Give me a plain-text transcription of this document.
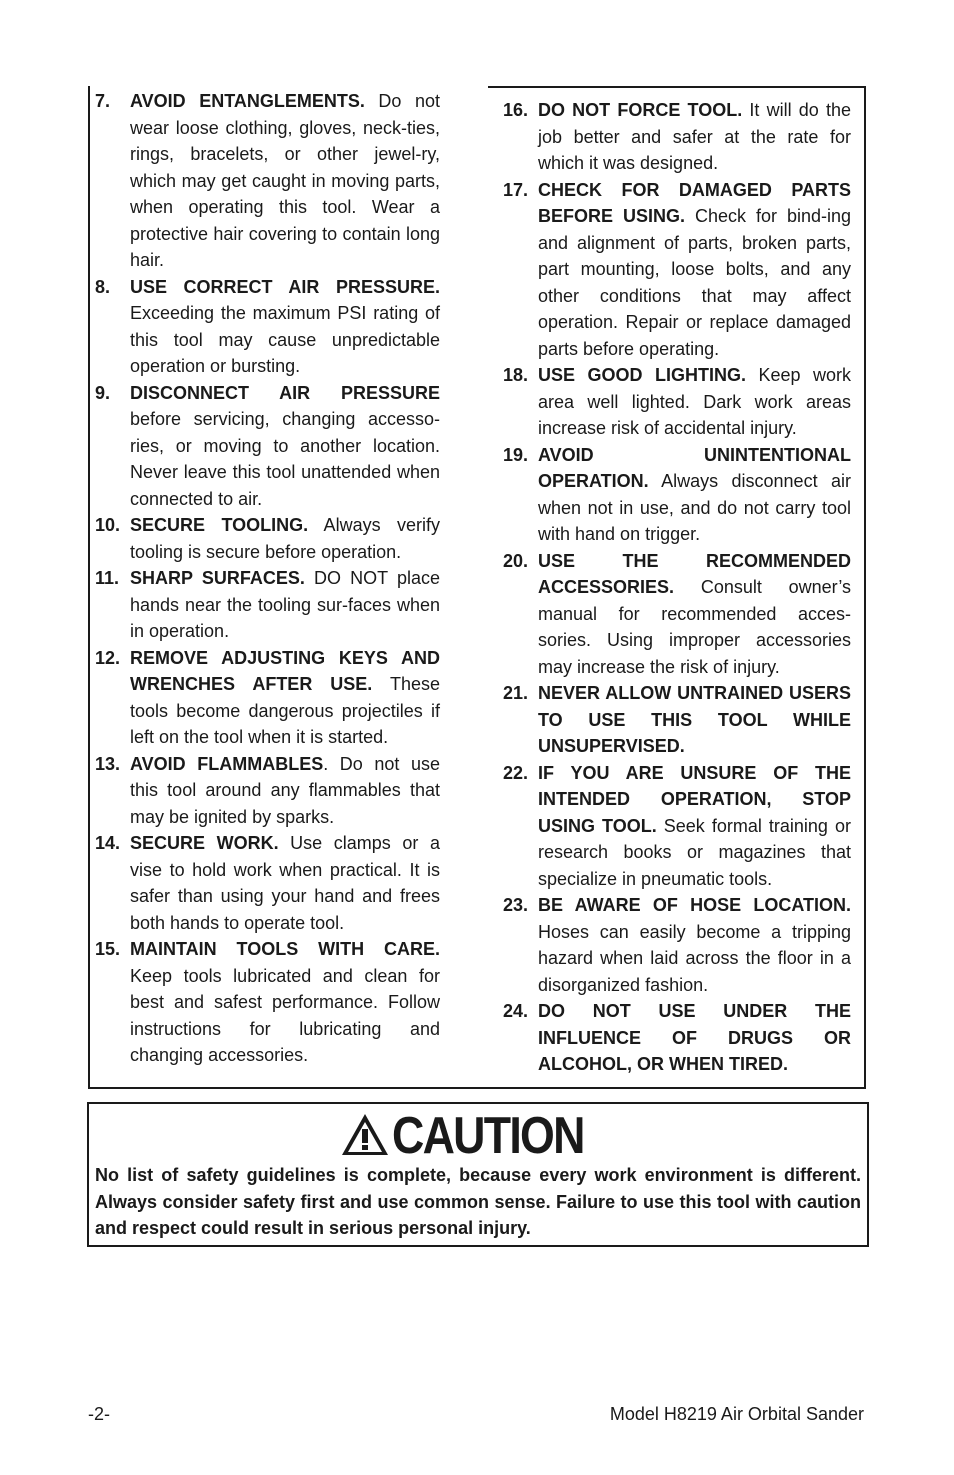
7. AVOID ENTANGLEMENTS. Do not wear loose clothing, gloves, neck-ties, rings, bracelets, or other jewel-ry, which may get caught in moving parts, when operating this tool. Wear a protective hair covering to contain long hair.

8. USE CORRECT AIR PRESSURE. Exceeding the maximum PSI rating of this tool may cause unpredictable operation or bursting.

9. DISCONNECT AIR PRESSURE before servicing, changing accesso-ries, or moving to another location. Never leave this tool unattended when connected to air.

10. SECURE TOOLING. Always verify tooling is secure before operation.

11. SHARP SURFACES. DO NOT place hands near the tooling sur-faces when in operation.

12. REMOVE ADJUSTING KEYS AND WRENCHES AFTER USE. These tools become dangerous projectiles if left on the tool when it is started.

13. AVOID FLAMMABLES. Do not use this tool around any flammables that may be ignited by sparks.

14. SECURE WORK. Use clamps or a vise to hold work when practical. It is safer than using your hand and frees both hands to operate tool.

15. MAINTAIN TOOLS WITH CARE. Keep tools lubricated and clean for best and safest performance. Follow instructions for lubricating and changing accessories.

16. DO NOT FORCE TOOL. It will do the job better and safer at the rate for which it was designed.

17. CHECK FOR DAMAGED PARTS BEFORE USING. Check for bind-ing and alignment of parts, broken parts, part mounting, loose bolts, and any other conditions that may affect operation. Repair or replace damaged parts before operating.

18. USE GOOD LIGHTING. Keep work area well lighted. Dark work areas increase risk of accidental injury.

19. AVOID UNINTENTIONAL OPERATION. Always disconnect air when not in use, and do not carry tool with hand on trigger.

20. USE THE RECOMMENDED ACCESSORIES. Consult owner’s manual for recommended acces-sories. Using improper accessories may increase the risk of injury.

21. NEVER ALLOW UNTRAINED USERS TO USE THIS TOOL WHILE UNSUPERVISED.

22. IF YOU ARE UNSURE OF THE INTENDED OPERATION, STOP USING TOOL. Seek formal training or research books or magazines that specialize in pneumatic tools.

23. BE AWARE OF HOSE LOCATION. Hoses can easily become a tripping hazard when laid across the floor in a disorganized fashion.

24. DO NOT USE UNDER THE INFLUENCE OF DRUGS OR ALCOHOL, OR WHEN TIRED.

CAUTION
No list of safety guidelines is complete, because every work environment is different. Always consider safety first and use common sense. Failure to use this tool with caution and respect could result in serious personal injury.
-2-	Model H8219 Air Orbital Sander
